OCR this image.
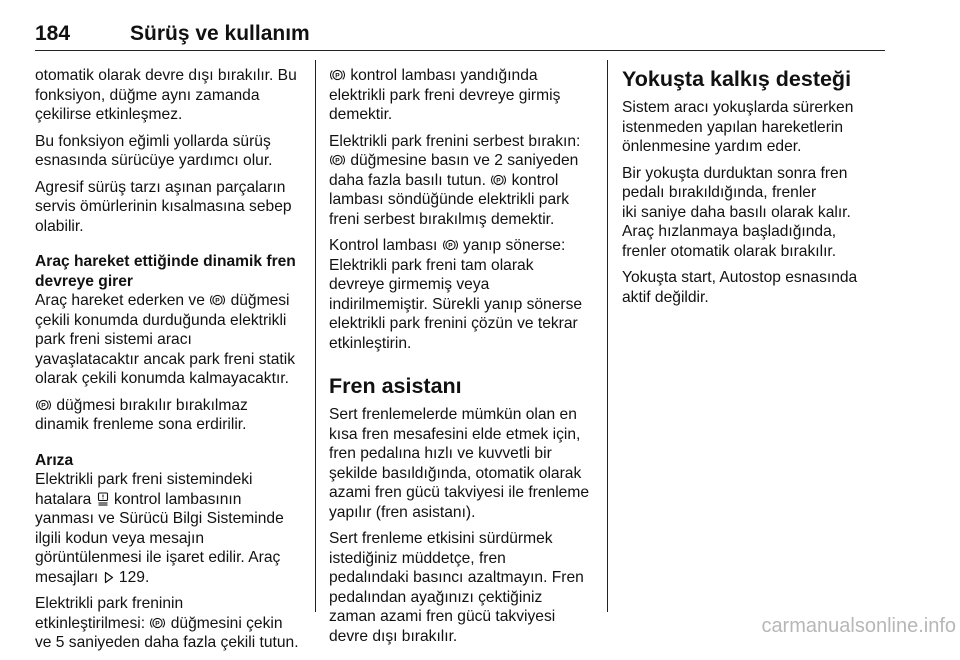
184	Sürüş ve kullanım

otomatik olarak devre dışı bırakılır. Bu
fonksiyon, düğme aynı zamanda
çekilirse etkinleşmez.

Bu fonksiyon eğimli yollarda sürüş
esnasında sürücüye yardımcı olur.

Agresif sürüş tarzı aşınan parçaların
servis ömürlerinin kısalmasına sebep
olabilir.

Araç hareket ettiğinde dinamik fren
devreye girer

Araç hareket ederken ve P düğmesi
çekili konumda durduğunda elektrikli
park freni sistemi aracı
yavaşlatacaktır ancak park freni statik
olarak çekili konumda kalmayacaktır.

P düğmesi bırakılır bırakılmaz
dinamik frenleme sona erdirilir.

Arıza

Elektrikli park freni sistemindeki
hatalara
kontrol lambasının
yanması ve Sürücü Bilgi Sisteminde
ilgili kodun veya mesajın
görüntülenmesi ile işaret edilir. Araç
mesajları
129.

Elektrikli park freninin
etkinleştirilmesi: P düğmesini çekin
ve 5 saniyeden daha fazla çekili tutun.

P kontrol lambası yandığında
elektrikli park freni devreye girmiş
demektir.

Elektrikli park frenini serbest bırakın:

P düğmesine basın ve 2 saniyeden
daha fazla basılı tutun. P kontrol
lambası söndüğünde elektrikli park
freni serbest bırakılmış demektir.

Kontrol lambası P yanıp sönerse:
Elektrikli park freni tam olarak
devreye girmemiş veya
indirilmemiştir. Sürekli yanıp sönerse
elektrikli park frenini çözün ve tekrar
etkinleştirin.

Fren asistanı

Sert frenlemelerde mümkün olan en
kısa fren mesafesini elde etmek için,
fren pedalına hızlı ve kuvvetli bir
şekilde basıldığında, otomatik olarak
azami fren gücü takviyesi ile frenleme
yapılır (fren asistanı).

Sert frenleme etkisini sürdürmek
istediğiniz müddetçe, fren
pedalındaki basıncı azaltmayın. Fren
pedalından ayağınızı çektiğiniz
zaman azami fren gücü takviyesi
devre dışı bırakılır.

Yokuşta kalkış desteği

Sistem aracı yokuşlarda sürerken
istenmeden yapılan hareketlerin
önlenmesine yardım eder.

Bir yokuşta durduktan sonra fren
pedalı bırakıldığında, frenler
iki saniye daha basılı olarak kalır.
Araç hızlanmaya başladığında,
frenler otomatik olarak bırakılır.

Yokuşta start, Autostop esnasında
aktif değildir.

carmanualsonline.info
